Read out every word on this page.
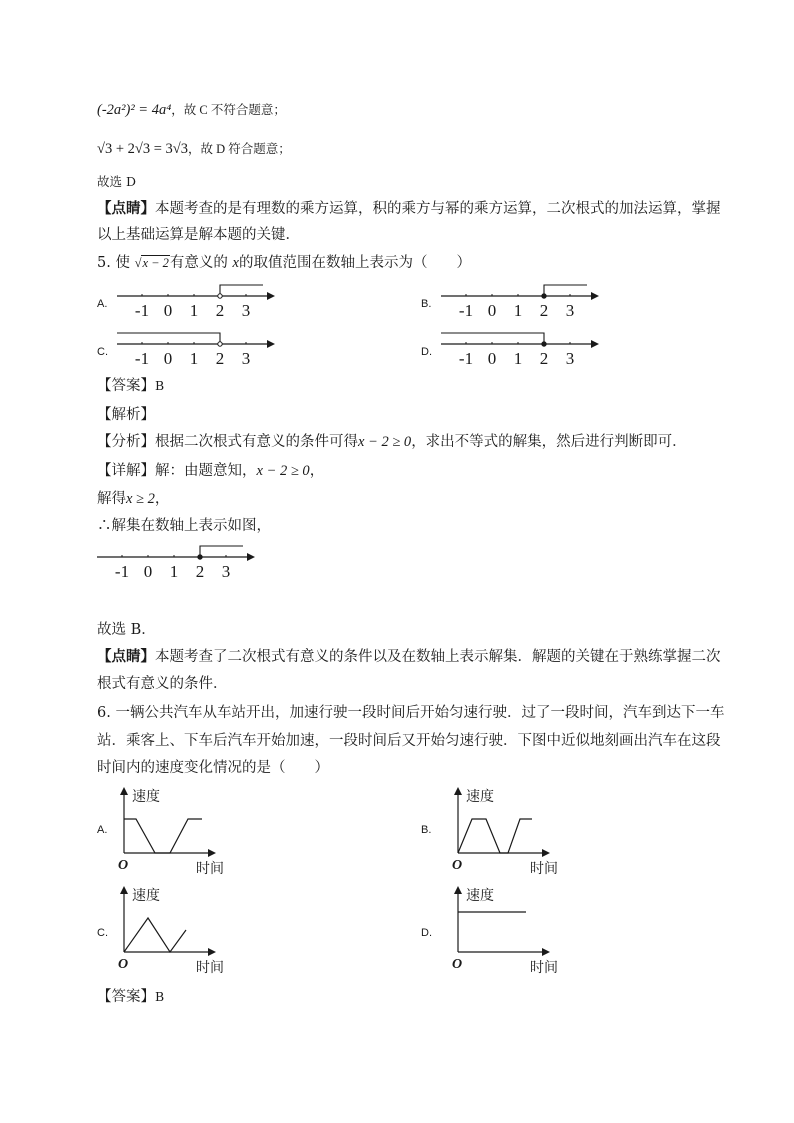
(-2a²)² = 4a⁴，故 C 不符合题意；
√3 + 2√3 = 3√3，故 D 符合题意；
故选 D
【点睛】本题考查的是有理数的乘方运算，积的乘方与幂的乘方运算，二次根式的加法运算，掌握
以上基础运算是解本题的关键．
5. 使 √x − 2有意义的 x的取值范围在数轴上表示为（　　）
A.	B.
C.	D.
-1 0 1 2 3	-1 0 1 2 3
-1 0 1 2 3	-1 0 1 2 3
【答案】B
【解析】
【分析】根据二次根式有意义的条件可得x − 2 ≥ 0，求出不等式的解集，然后进行判断即可．
【详解】解：由题意知，x − 2 ≥ 0，
解得x ≥ 2，
∴解集在数轴上表示如图，
-1 0 1 2 3
故选 B．
【点睛】本题考查了二次根式有意义的条件以及在数轴上表示解集．解题的关键在于熟练掌握二次
根式有意义的条件．
6. 一辆公共汽车从车站开出，加速行驶一段时间后开始匀速行驶．过了一段时间，汽车到达下一车
站．乘客上、下车后汽车开始加速，一段时间后又开始匀速行驶．下图中近似地刻画出汽车在这段
时间内的速度变化情况的是（　　）
A.	B.
C.	D.
速度
时间
O
速度
时间
O
速度
时间
O
速度
时间
O
【答案】B
